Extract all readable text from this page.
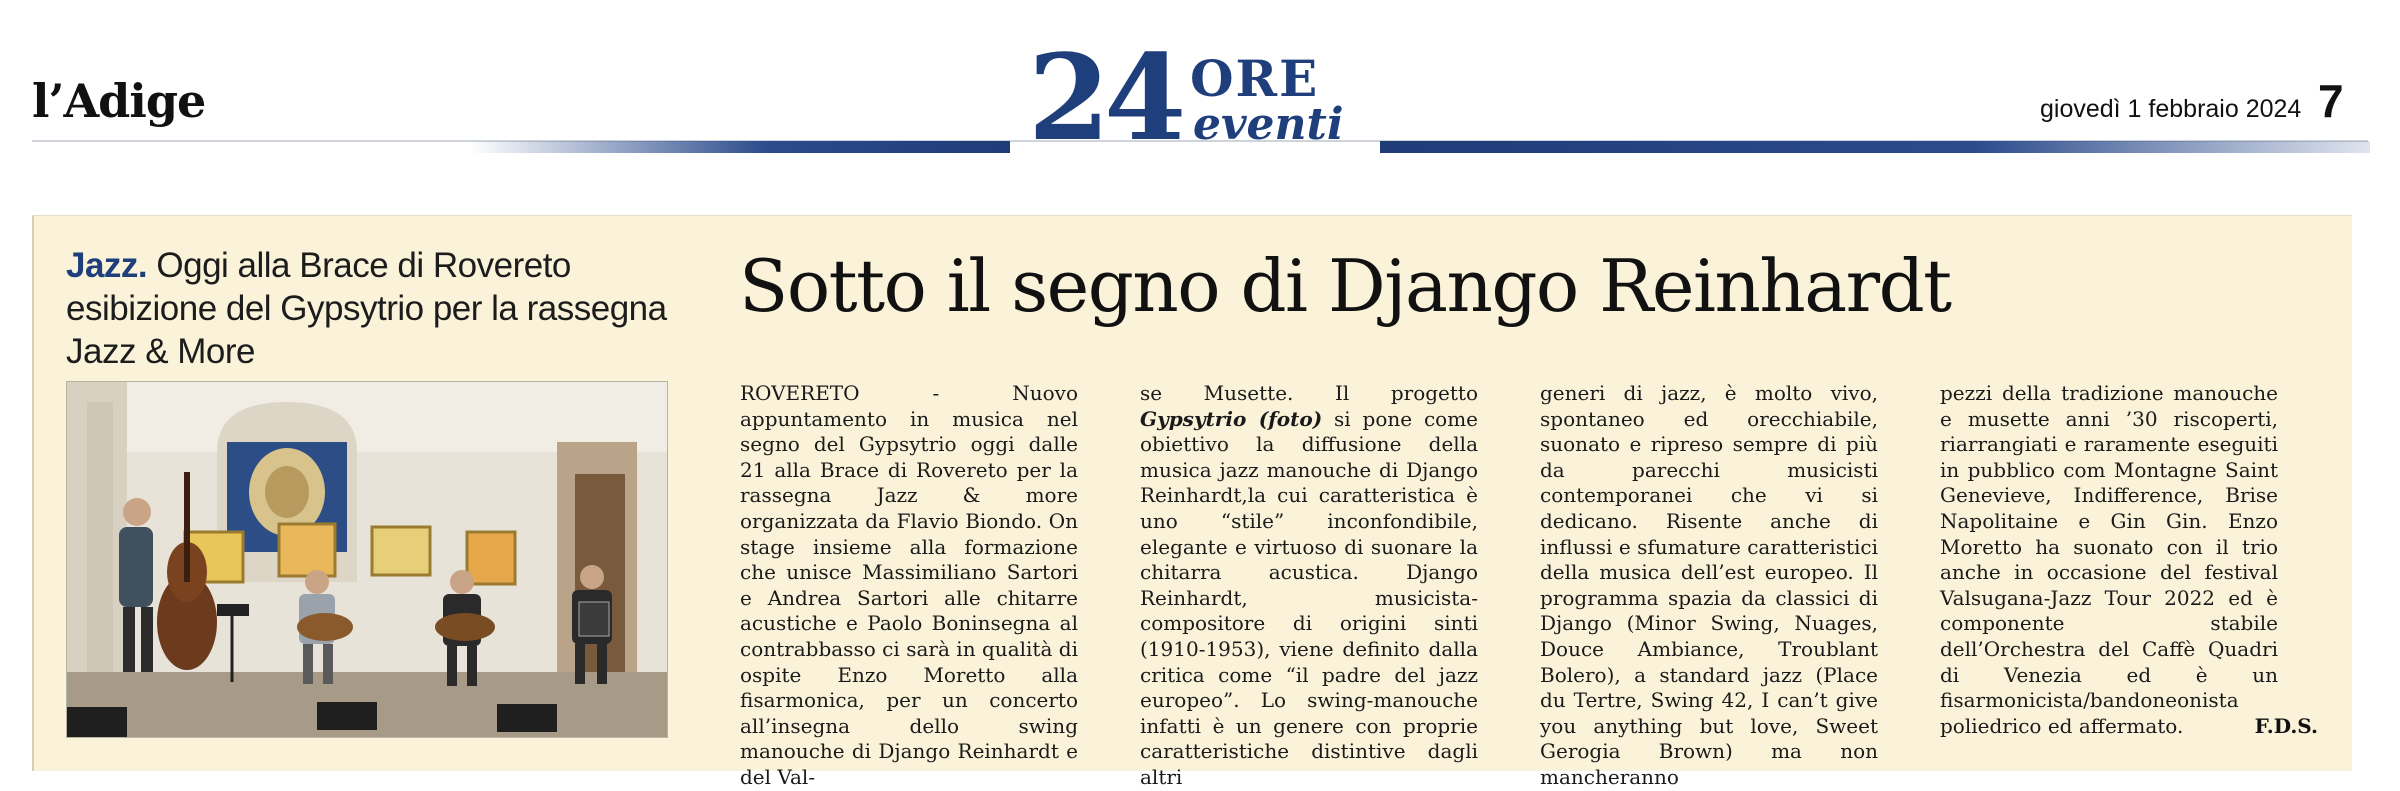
l’Adige	24 ORE
eventi	giovedì 1 febbraio 2024 7
Jazz. Oggi alla Brace di Rovereto esibizione del Gypsytrio per la rassegna Jazz & More
Sotto il segno di Django Reinhardt
ROVERETO - Nuovo appuntamento in musica nel segno del Gypsytrio oggi dalle 21 alla Brace di Rovereto per la rassegna Jazz & more organizzata da Flavio Biondo. On stage insieme alla formazione che unisce Massimiliano Sartori e Andrea Sartori alle chitarre acustiche e Paolo Boninsegna al contrabbasso ci sarà in qualità di ospite Enzo Moretto alla fisarmonica, per un concerto all’insegna dello swing manouche di Django Reinhardt e del Val-
se Musette. Il progetto Gypsytrio (foto) si pone come obiettivo la diffusione della musica jazz manouche di Django Reinhardt,la cui caratteristica è uno “stile” inconfondibile, elegante e virtuoso di suonare la chitarra acustica. Django Reinhardt, musicista-compositore di origini sinti (1910-1953), viene definito dalla critica come “il padre del jazz europeo”. Lo swing-manouche infatti è un genere con proprie caratteristiche distintive dagli altri
generi di jazz, è molto vivo, spontaneo ed orecchiabile, suonato e ripreso sempre di più da parecchi musicisti contemporanei che vi si dedicano. Risente anche di influssi e sfumature caratteristici della musica dell’est europeo. Il programma spazia da classici di Django (Minor Swing, Nuages, Douce Ambiance, Troublant Bolero), a standard jazz (Place du Tertre, Swing 42, I can’t give you anything but love, Sweet Gerogia Brown) ma non mancheranno
pezzi della tradizione manouche e musette anni ’30 riscoperti, riarrangiati e raramente eseguiti in pubblico com Montagne Saint Genevieve, Indifference, Brise Napolitaine e Gin Gin. Enzo Moretto ha suonato con il trio anche in occasione del festival Valsugana-Jazz Tour 2022 ed è componente stabile dell’Orchestra del Caffè Quadri di Venezia ed è un fisarmonicista/bandoneonista poliedrico ed affermato.	F.D.S.
